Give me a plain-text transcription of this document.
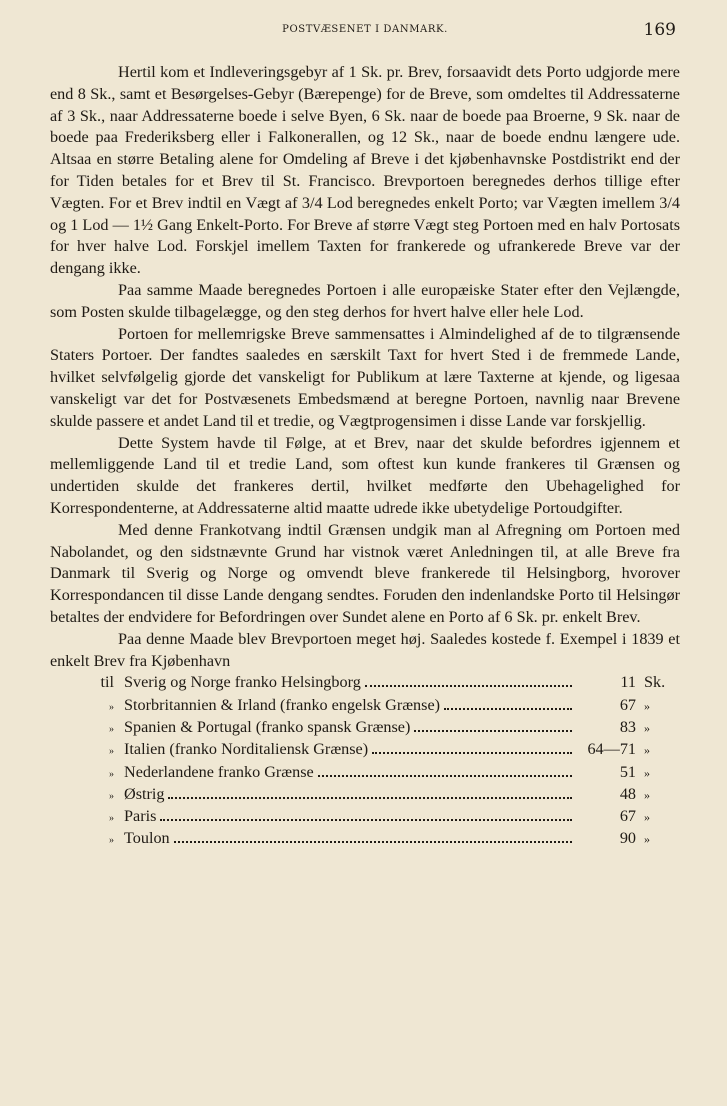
POSTVÆSENET I DANMARK.	169

Hertil kom et Indleveringsgebyr af 1 Sk. pr. Brev, forsaavidt dets Porto udgjorde mere end 8 Sk., samt et Besørgelses-Gebyr (Bærepenge) for de Breve, som omdeltes til Addressaterne af 3 Sk., naar Addressaterne boede i selve Byen, 6 Sk. naar de boede paa Broerne, 9 Sk. naar de boede paa Frederiksberg eller i Falkonerallen, og 12 Sk., naar de boede endnu længere ude. Altsaa en større Betaling alene for Omdeling af Breve i det kjøbenhavnske Postdistrikt end der for Tiden betales for et Brev til St. Francisco. Brevportoen beregnedes derhos tillige efter Vægten. For et Brev indtil en Vægt af 3/4 Lod beregnedes enkelt Porto; var Vægten imellem 3/4 og 1 Lod — 1½ Gang Enkelt-Porto. For Breve af større Vægt steg Portoen med en halv Portosats for hver halve Lod. Forskjel imellem Taxten for frankerede og ufrankerede Breve var der dengang ikke.

Paa samme Maade beregnedes Portoen i alle europæiske Stater efter den Vejlængde, som Posten skulde tilbagelægge, og den steg derhos for hvert halve eller hele Lod.

Portoen for mellemrigske Breve sammensattes i Almindelighed af de to tilgrænsende Staters Portoer. Der fandtes saaledes en særskilt Taxt for hvert Sted i de fremmede Lande, hvilket selvfølgelig gjorde det vanskeligt for Publikum at lære Taxterne at kjende, og ligesaa vanskeligt var det for Postvæsenets Embedsmænd at beregne Portoen, navnlig naar Brevene skulde passere et andet Land til et tredie, og Vægtprogensimen i disse Lande var forskjellig.

Dette System havde til Følge, at et Brev, naar det skulde befordres igjennem et mellemliggende Land til et tredie Land, som oftest kun kunde frankeres til Grænsen og undertiden skulde det frankeres dertil, hvilket medførte den Ubehagelighed for Korrespondenterne, at Addressaterne altid maatte udrede ikke ubetydelige Portoudgifter.

Med denne Frankotvang indtil Grænsen undgik man al Afregning om Portoen med Nabolandet, og den sidstnævnte Grund har vistnok været Anledningen til, at alle Breve fra Danmark til Sverig og Norge og omvendt bleve frankerede til Helsingborg, hvorover Korrespondancen til disse Lande dengang sendtes. Foruden den indenlandske Porto til Helsingør betaltes der endvidere for Befordringen over Sundet alene en Porto af 6 Sk. pr. enkelt Brev.

Paa denne Maade blev Brevportoen meget høj. Saaledes kostede f. Exempel i 1839 et enkelt Brev fra Kjøbenhavn

til Sverig og Norge franko Helsingborg	11 Sk.
» Storbritannien & Irland (franko engelsk Grænse)	67 »
» Spanien & Portugal (franko spansk Grænse)	83 »
» Italien (franko Norditaliensk Grænse)	64—71 »
» Nederlandene franko Grænse	51 »
» Østrig	48 »
» Paris	67 »
» Toulon	90 »
